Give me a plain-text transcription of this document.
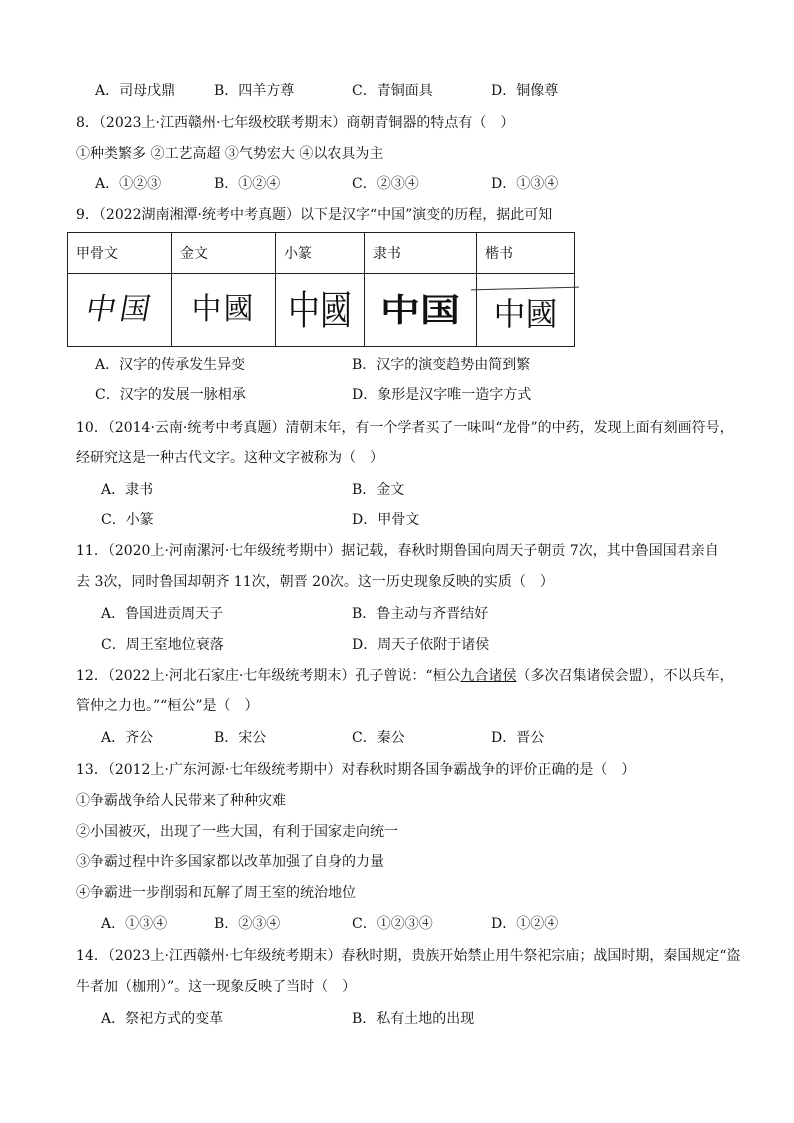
A．司母戊鼎	B．四羊方尊	C．青铜面具	D．铜像尊
8．（2023上·江西赣州·七年级校联考期末）商朝青铜器的特点有（　）
①种类繁多 ②工艺高超 ③气势宏大 ④以农具为主
A．①②③	B．①②④	C．②③④	D．①③④
9．（2022湖南湘潭·统考中考真题）以下是汉字“中国”演变的历程，据此可知
甲骨文	金文	小篆	隶书	楷书
中国	中國	中國	中国	中國
A．汉字的传承发生异变	B．汉字的演变趋势由简到繁
C．汉字的发展一脉相承	D．象形是汉字唯一造字方式
10．（2014·云南·统考中考真题）清朝末年，有一个学者买了一味叫“龙骨”的中药，发现上面有刻画符号，
经研究这是一种古代文字。这种文字被称为（　）
A．隶书	B．金文
C．小篆	D．甲骨文
11．（2020上·河南漯河·七年级统考期中）据记载，春秋时期鲁国向周天子朝贡 7次，其中鲁国国君亲自
去 3次，同时鲁国却朝齐 11次，朝晋 20次。这一历史现象反映的实质（　）
A．鲁国进贡周天子	B．鲁主动与齐晋结好
C．周王室地位衰落	D．周天子依附于诸侯
12．（2022上·河北石家庄·七年级统考期末）孔子曾说：“桓公九合诸侯（多次召集诸侯会盟），不以兵车，
管仲之力也。”“桓公”是（　）
A．齐公	B．宋公	C．秦公	D．晋公
13．（2012上·广东河源·七年级统考期中）对春秋时期各国争霸战争的评价正确的是（　）
①争霸战争给人民带来了种种灾难
②小国被灭，出现了一些大国，有利于国家走向统一
③争霸过程中许多国家都以改革加强了自身的力量
④争霸进一步削弱和瓦解了周王室的统治地位
A．①③④	B．②③④	C．①②③④	D．①②④
14．（2023上·江西赣州·七年级统考期末）春秋时期，贵族开始禁止用牛祭祀宗庙；战国时期，秦国规定“盗
牛者加（枷刑）”。这一现象反映了当时（　）
A．祭祀方式的变革	B．私有土地的出现
